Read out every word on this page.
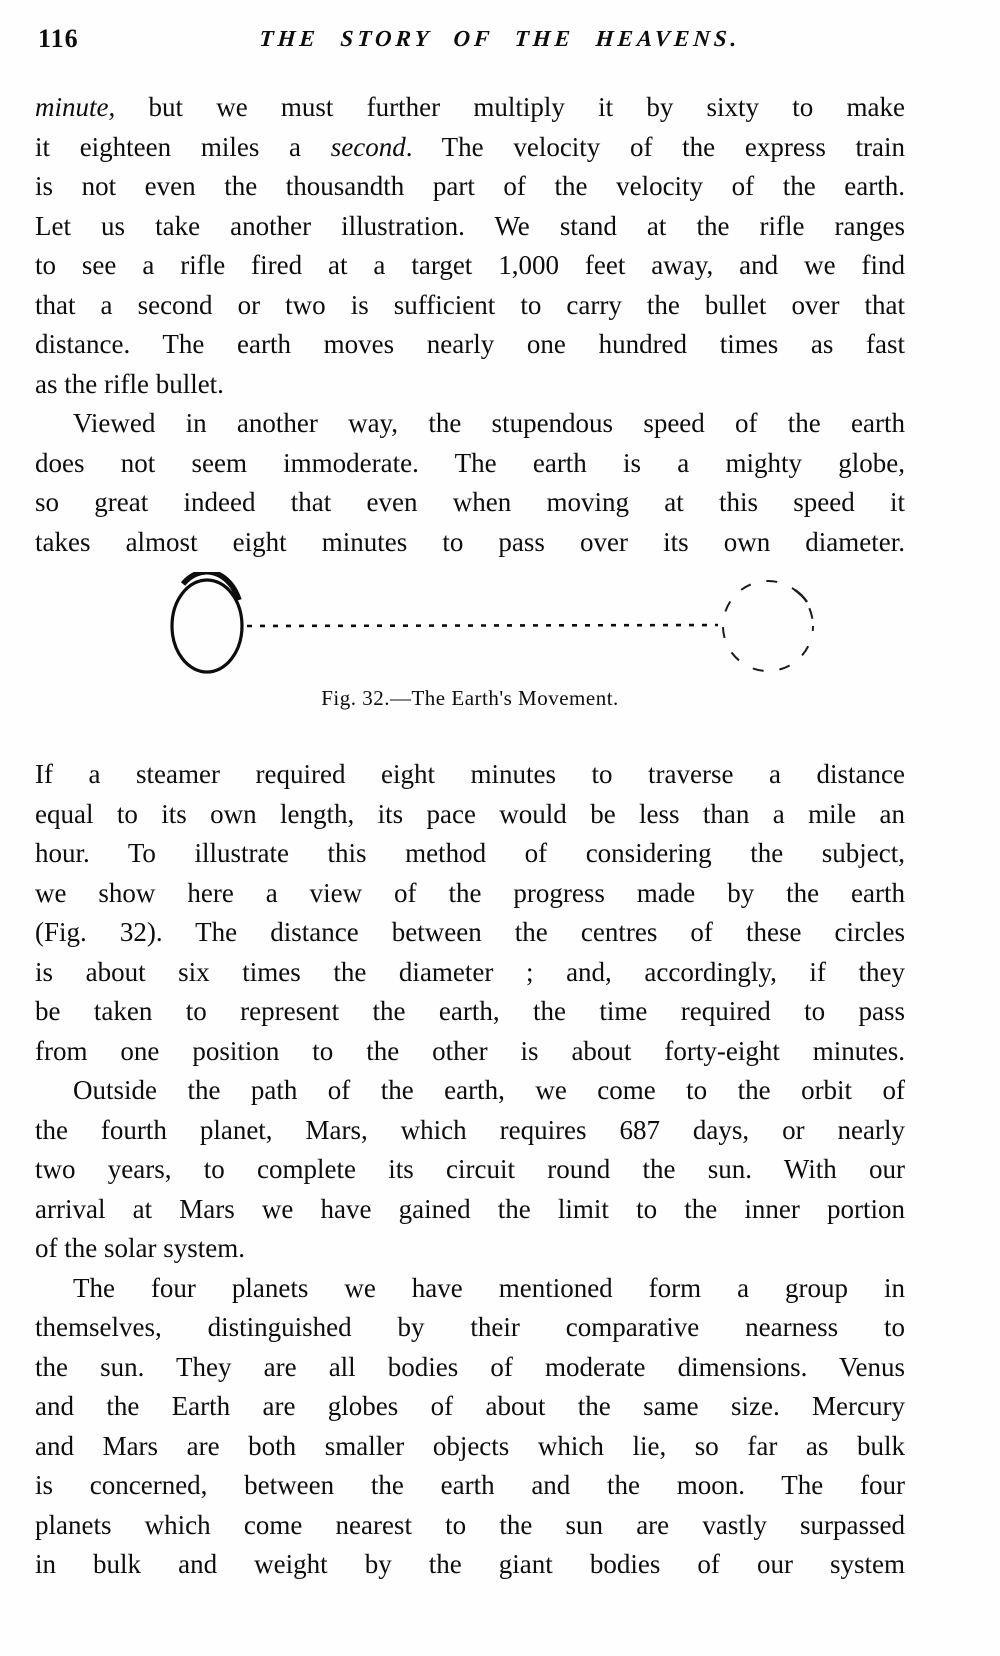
116	THE STORY OF THE HEAVENS.
minute, but we must further multiply it by sixty to make
it eighteen miles a second. The velocity of the express train
is not even the thousandth part of the velocity of the earth.
Let us take another illustration. We stand at the rifle ranges
to see a rifle fired at a target 1,000 feet away, and we find
that a second or two is sufficient to carry the bullet over that
distance. The earth moves nearly one hundred times as fast
as the rifle bullet.
Viewed in another way, the stupendous speed of the earth
does not seem immoderate. The earth is a mighty globe,
so great indeed that even when moving at this speed it
takes almost eight minutes to pass over its own diameter.
Fig. 32.—The Earth's Movement.
If a steamer required eight minutes to traverse a distance
equal to its own length, its pace would be less than a mile an
hour. To illustrate this method of considering the subject,
we show here a view of the progress made by the earth
(Fig. 32). The distance between the centres of these circles
is about six times the diameter ; and, accordingly, if they
be taken to represent the earth, the time required to pass
from one position to the other is about forty-eight minutes.
Outside the path of the earth, we come to the orbit of
the fourth planet, Mars, which requires 687 days, or nearly
two years, to complete its circuit round the sun. With our
arrival at Mars we have gained the limit to the inner portion
of the solar system.
The four planets we have mentioned form a group in
themselves, distinguished by their comparative nearness to
the sun. They are all bodies of moderate dimensions. Venus
and the Earth are globes of about the same size. Mercury
and Mars are both smaller objects which lie, so far as bulk
is concerned, between the earth and the moon. The four
planets which come nearest to the sun are vastly surpassed
in bulk and weight by the giant bodies of our system
